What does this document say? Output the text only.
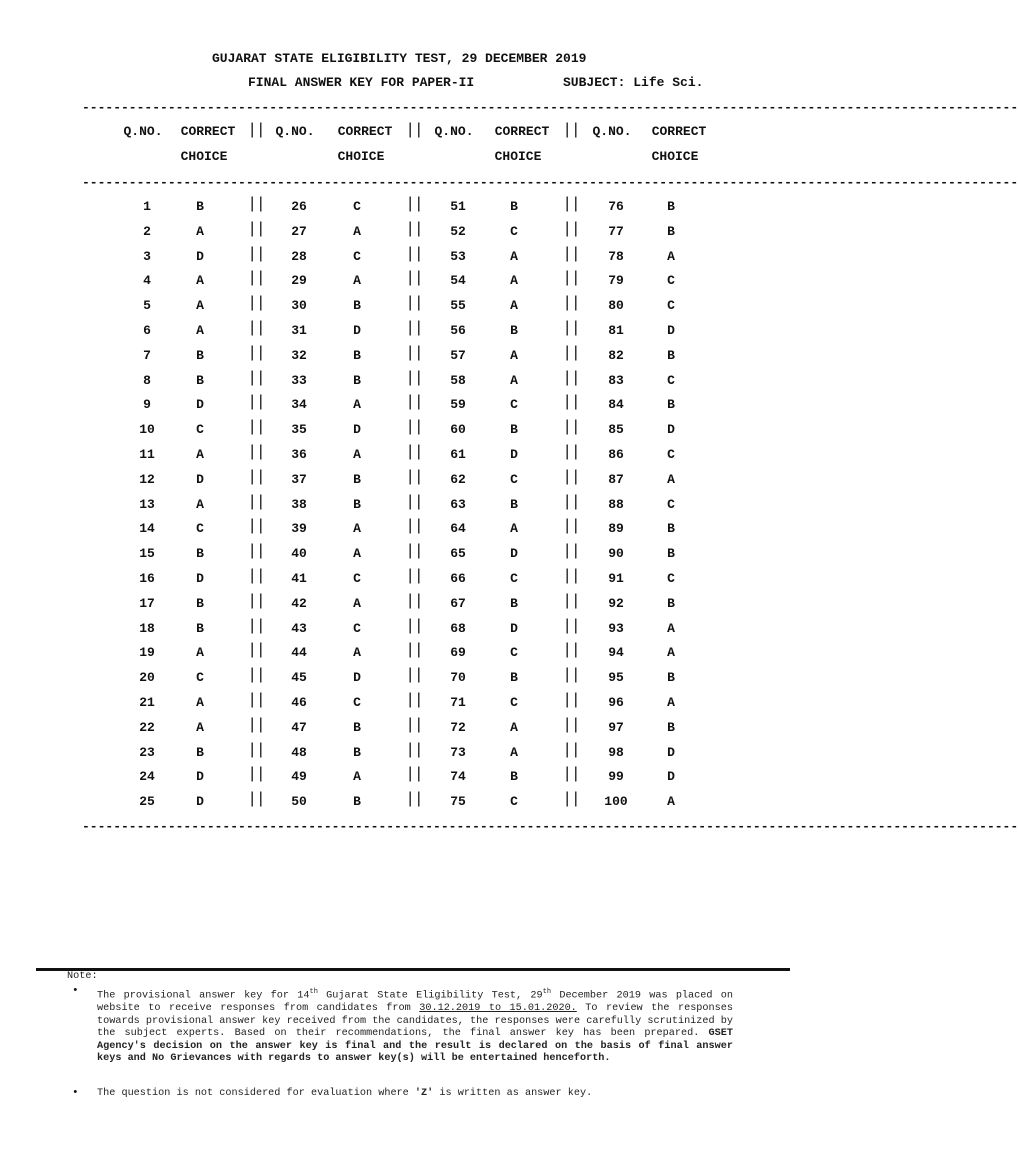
GUJARAT STATE ELIGIBILITY TEST, 29 DECEMBER 2019
FINAL ANSWER KEY FOR PAPER-II	SUBJECT: Life Sci.
------------------------------------------------------------------------------------------------------------------------
Q.NO. CORRECT
CHOICE
|| Q.NO. CORRECT
CHOICE
|| Q.NO. CORRECT
CHOICE
|| Q.NO. CORRECT
CHOICE
------------------------------------------------------------------------------------------------------------------------
1	B	|| 26	C	|| 51	B	|| 76	B
2	A	|| 27	A	|| 52	C	|| 77	B
3	D	|| 28	C	|| 53	A	|| 78	A
4	A	|| 29	A	|| 54	A	|| 79	C
5	A	|| 30	B	|| 55	A	|| 80	C
6	A	|| 31	D	|| 56	B	|| 81	D
7	B	|| 32	B	|| 57	A	|| 82	B
8	B	|| 33	B	|| 58	A	|| 83	C
9	D	|| 34	A	|| 59	C	|| 84	B
10	C	|| 35	D	|| 60	B	|| 85	D
11	A	|| 36	A	|| 61	D	|| 86	C
12	D	|| 37	B	|| 62	C	|| 87	A
13	A	|| 38	B	|| 63	B	|| 88	C
14	C	|| 39	A	|| 64	A	|| 89	B
15	B	|| 40	A	|| 65	D	|| 90	B
16	D	|| 41	C	|| 66	C	|| 91	C
17	B	|| 42	A	|| 67	B	|| 92	B
18	B	|| 43	C	|| 68	D	|| 93	A
19	A	|| 44	A	|| 69	C	|| 94	A
20	C	|| 45	D	|| 70	B	|| 95	B
21	A	|| 46	C	|| 71	C	|| 96	A
22	A	|| 47	B	|| 72	A	|| 97	B
23	B	|| 48	B	|| 73	A	|| 98	D
24	D	|| 49	A	|| 74	B	|| 99	D
25	D	|| 50	B	|| 75	C	|| 100	A
------------------------------------------------------------------------------------------------------------------------
Note:
• The provisional answer key for 14th Gujarat State Eligibility Test, 29th December 2019 was placed on website to receive responses from candidates from 30.12.2019 to 15.01.2020. To review the responses towards provisional answer key received from the candidates, the responses were carefully scrutinized by the subject experts. Based on their recommendations, the final answer key has been prepared. GSET Agency's decision on the answer key is final and the result is declared on the basis of final answer keys and No Grievances with regards to answer key(s) will be entertained henceforth.
• The question is not considered for evaluation where 'Z' is written as answer key.
